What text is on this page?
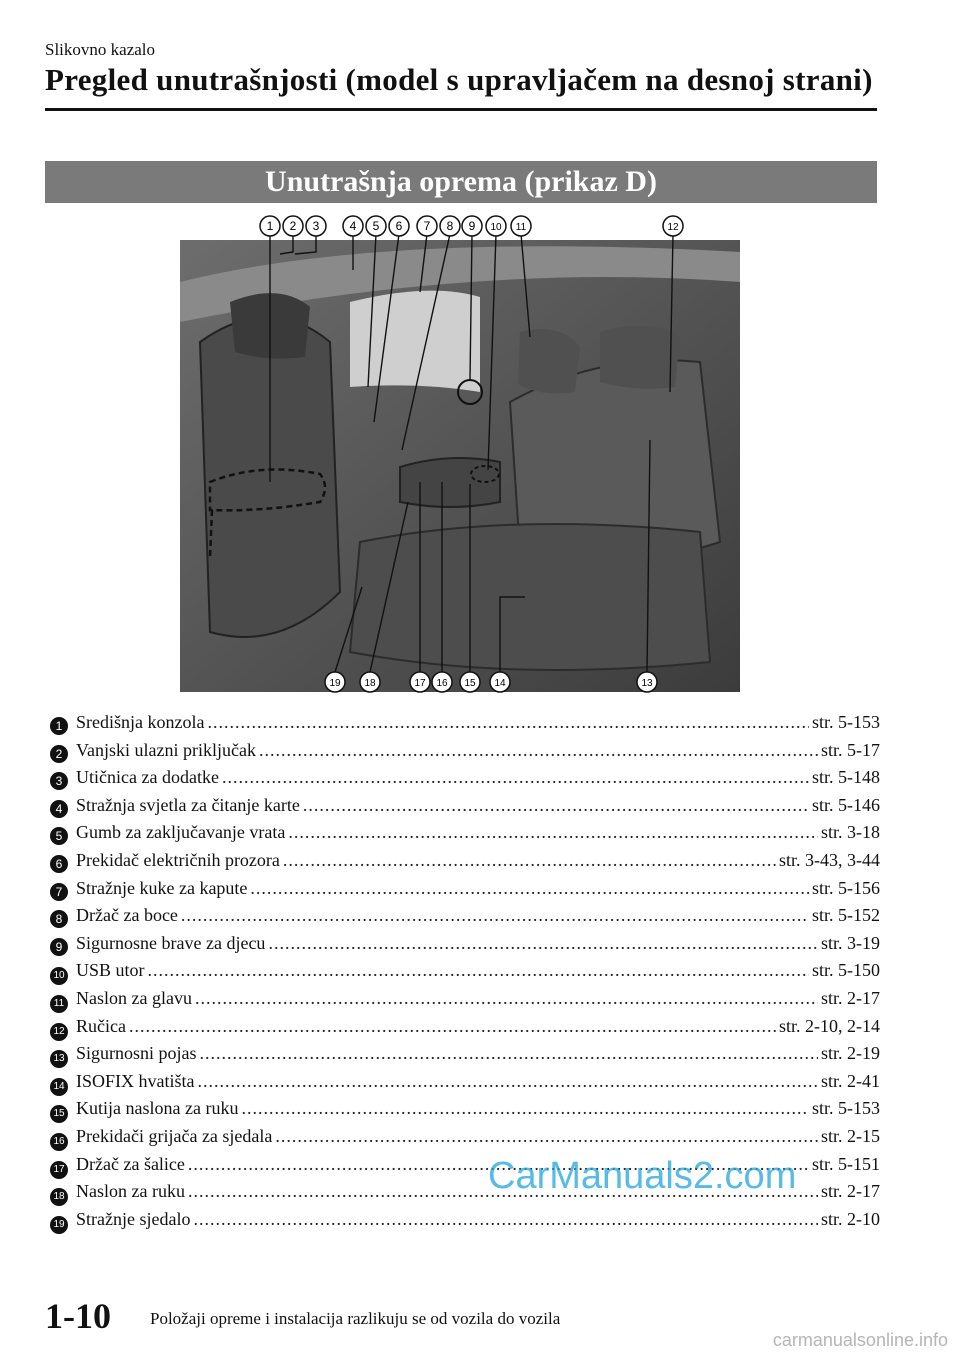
Slikovno kazalo
Pregled unutrašnjosti (model s upravljačem na desnoj strani)
Unutrašnja oprema (prikaz D)
1 2 3	4 5 6 7 8 9 10 11	12
19 18	17 16 15 14	13
1 Središnja konzola .....	str. 5-153
2 Vanjski ulazni priključak .....	str. 5-17
3 Utičnica za dodatke .....	str. 5-148
4 Stražnja svjetla za čitanje karte .....	str. 5-146
5 Gumb za zaključavanje vrata .....	str. 3-18
6 Prekidač električnih prozora .....	str. 3-43, 3-44
7 Stražnje kuke za kapute .....	str. 5-156
8 Držač za boce .....	str. 5-152
9 Sigurnosne brave za djecu .....	str. 3-19
10 USB utor .....	str. 5-150
11 Naslon za glavu .....	str. 2-17
12 Ručica .....	str. 2-10, 2-14
13 Sigurnosni pojas .....	str. 2-19
14 ISOFIX hvatišta .....	str. 2-41
15 Kutija naslona za ruku .....	str. 5-153
16 Prekidači grijača za sjedala .....	str. 2-15
17 Držač za šalice .....	str. 5-151
18 Naslon za ruku .....	str. 2-17
19 Stražnje sjedalo .....	str. 2-10
CarManuals2.com
1-10 Položaji opreme i instalacija razlikuju se od vozila do vozila
carmanualsonline.info
